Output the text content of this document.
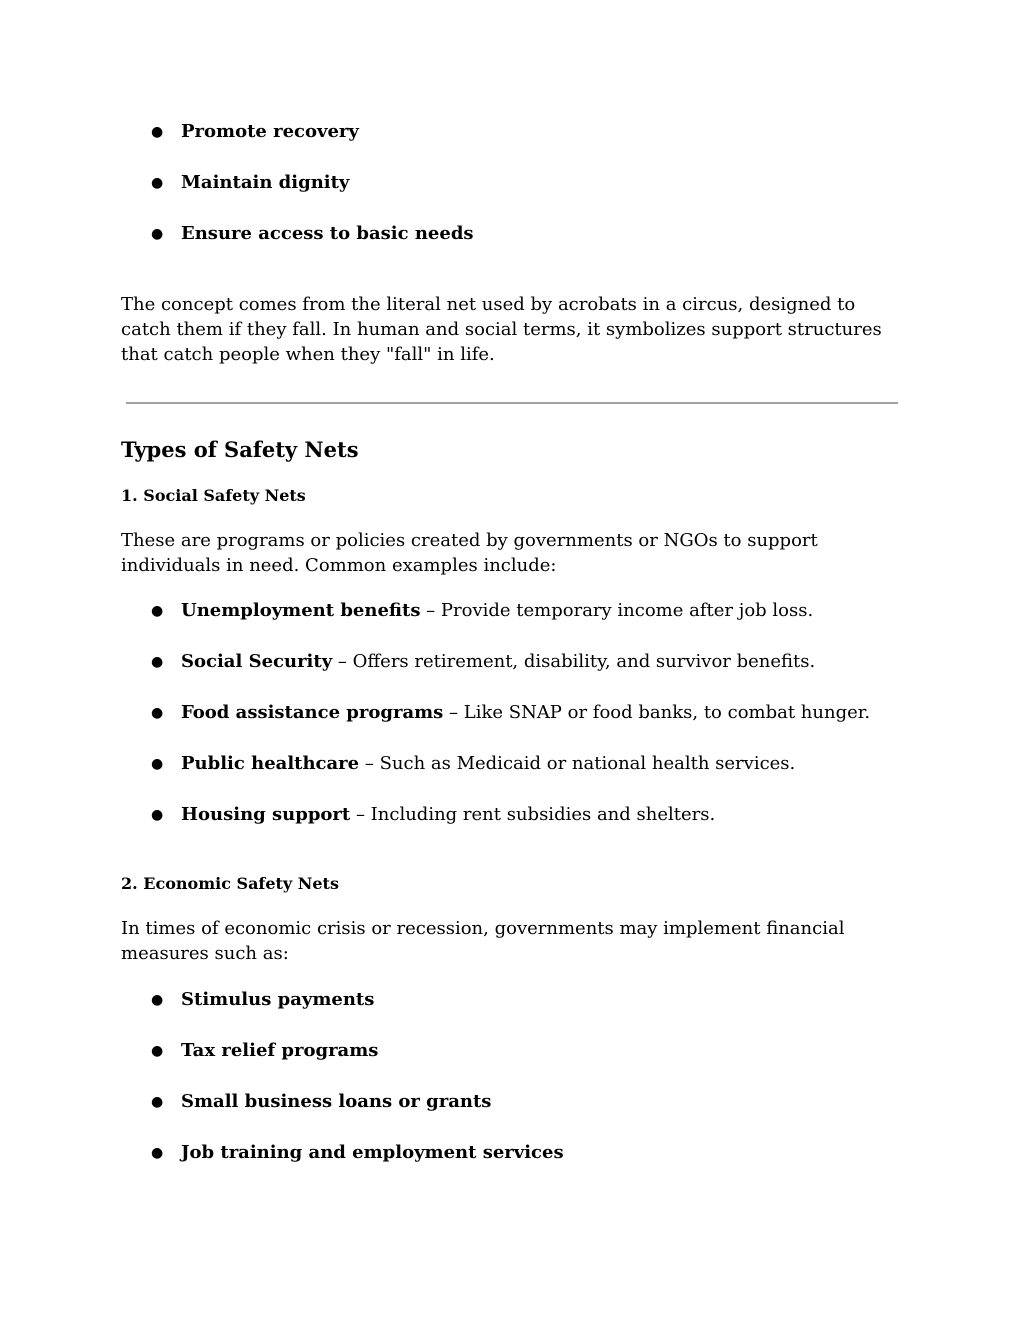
● Promote recovery
● Maintain dignity
● Ensure access to basic needs

The concept comes from the literal net used by acrobats in a circus, designed to catch them if they fall. In human and social terms, it symbolizes support structures that catch people when they "fall" in life.

Types of Safety Nets
1. Social Safety Nets

These are programs or policies created by governments or NGOs to support individuals in need. Common examples include:

● Unemployment benefits – Provide temporary income after job loss.
● Social Security – Offers retirement, disability, and survivor benefits.
● Food assistance programs – Like SNAP or food banks, to combat hunger.
● Public healthcare – Such as Medicaid or national health services.
● Housing support – Including rent subsidies and shelters.
2. Economic Safety Nets

In times of economic crisis or recession, governments may implement financial measures such as:

● Stimulus payments
● Tax relief programs
● Small business loans or grants
● Job training and employment services
